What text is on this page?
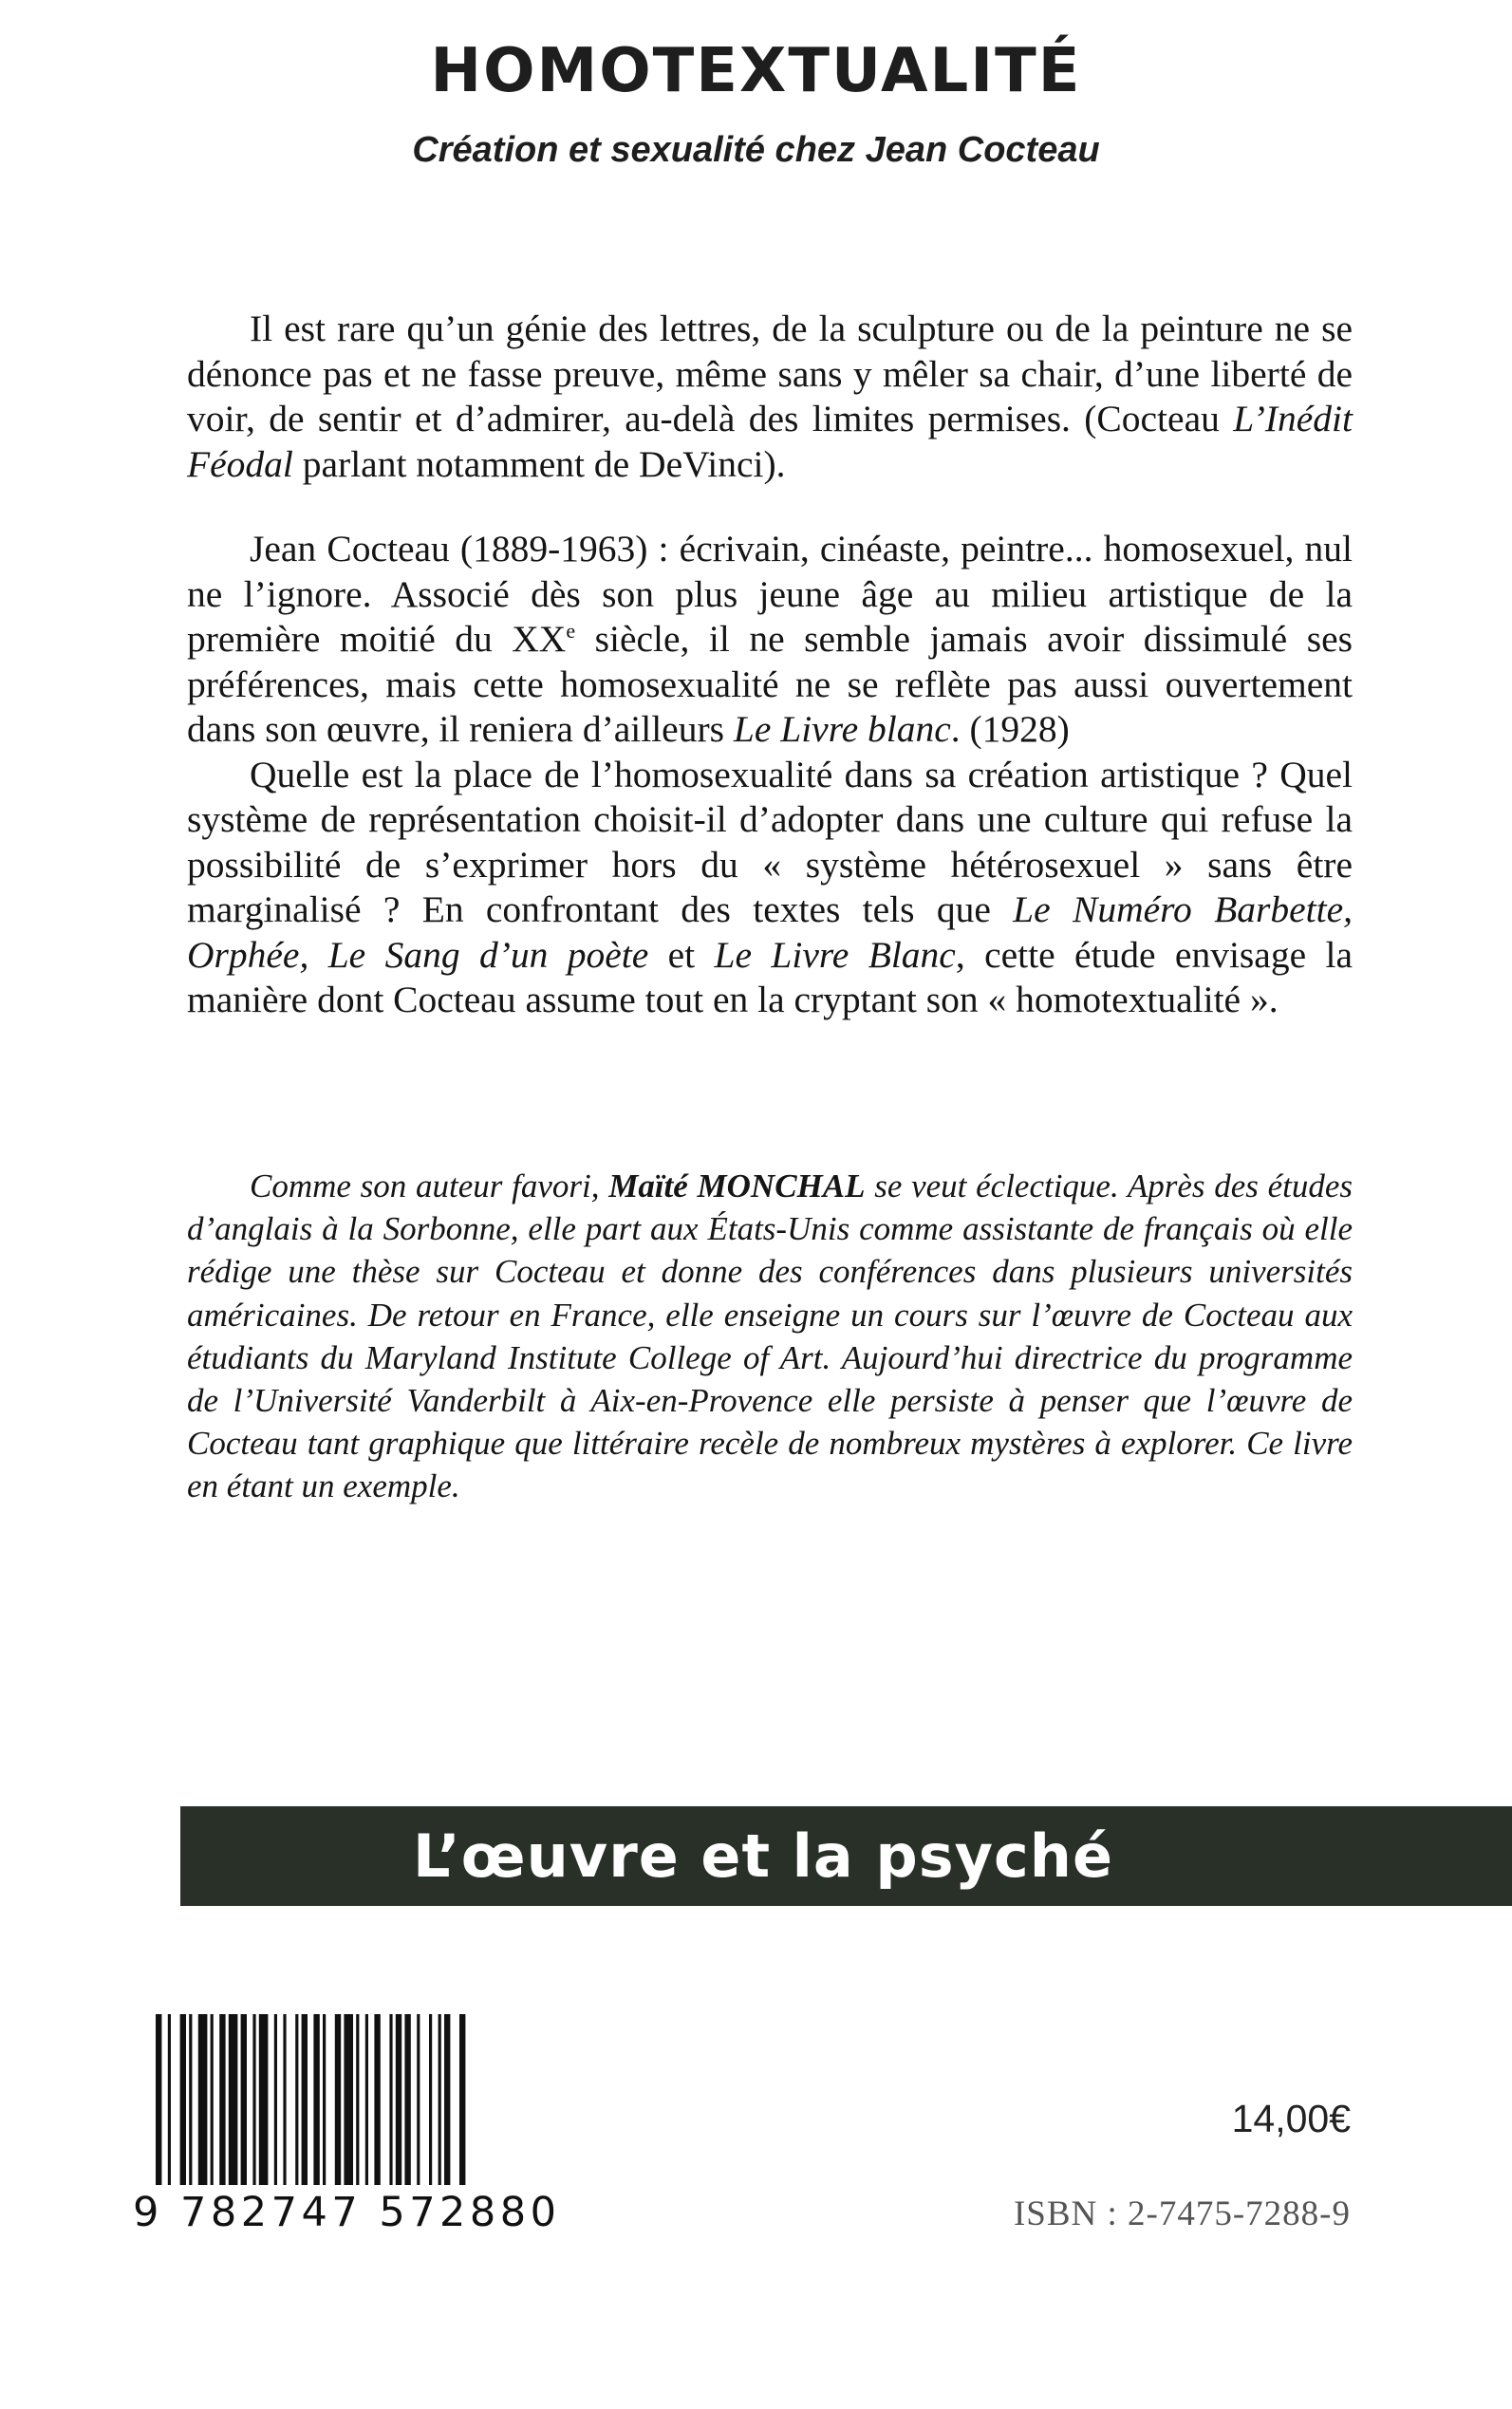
HOMOTEXTUALITÉ
Création et sexualité chez Jean Cocteau

Il est rare qu’un génie des lettres, de la sculpture ou de la peinture ne se dénonce pas et ne fasse preuve, même sans y mêler sa chair, d’une liberté de voir, de sentir et d’admirer, au-delà des limites permises. (Cocteau L’Inédit Féodal parlant notamment de DeVinci).

Jean Cocteau (1889-1963) : écrivain, cinéaste, peintre... homosexuel, nul ne l’ignore. Associé dès son plus jeune âge au milieu artistique de la première moitié du XXe siècle, il ne semble jamais avoir dissimulé ses préférences, mais cette homosexualité ne se reflète pas aussi ouvertement dans son œuvre, il reniera d’ailleurs Le Livre blanc. (1928)

Quelle est la place de l’homosexualité dans sa création artistique ? Quel système de représentation choisit-il d’adopter dans une culture qui refuse la possibilité de s’exprimer hors du « système hétérosexuel » sans être marginalisé ? En confrontant des textes tels que Le Numéro Barbette, Orphée, Le Sang d’un poète et Le Livre Blanc, cette étude envisage la manière dont Cocteau assume tout en la cryptant son « homotextualité ».

Comme son auteur favori, Maïté MONCHAL se veut éclectique. Après des études d’anglais à la Sorbonne, elle part aux États-Unis comme assistante de français où elle rédige une thèse sur Cocteau et donne des conférences dans plusieurs universités américaines. De retour en France, elle enseigne un cours sur l’œuvre de Cocteau aux étudiants du Maryland Institute College of Art. Aujourd’hui directrice du programme de l’Université Vanderbilt à Aix-en-Provence elle persiste à penser que l’œuvre de Cocteau tant graphique que littéraire recèle de nombreux mystères à explorer. Ce livre en étant un exemple.

L’œuvre et la psyché

9 782747 572880

14,00€

ISBN : 2-7475-7288-9
